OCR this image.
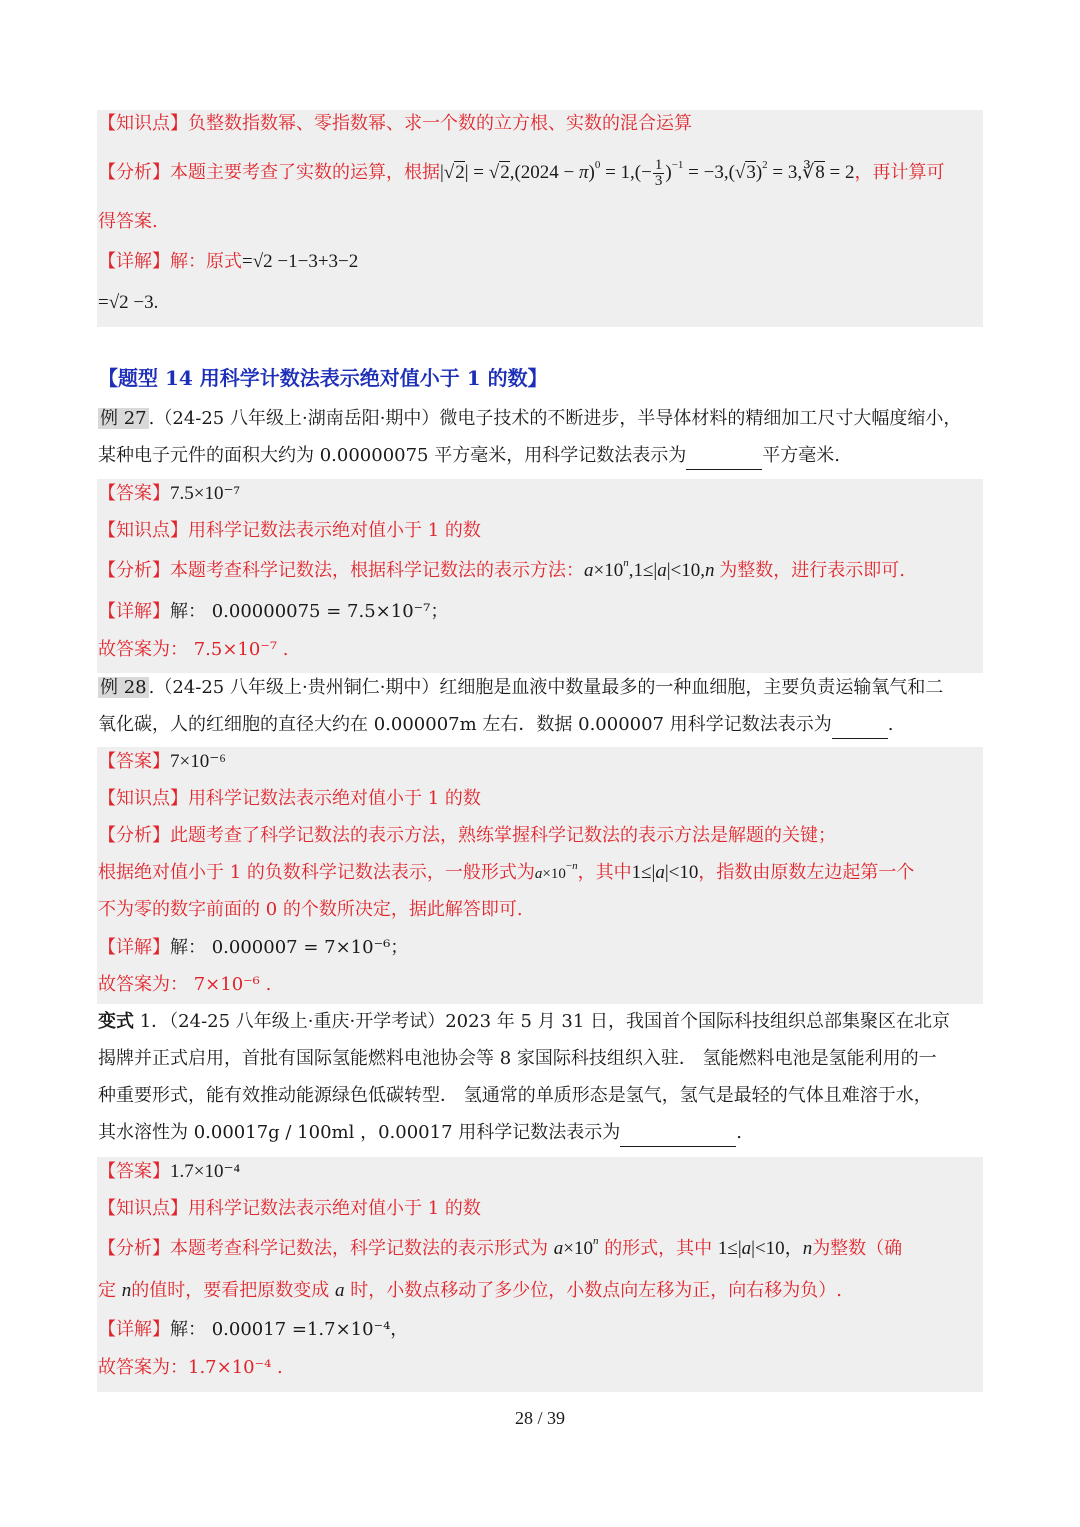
【知识点】负整数指数幂、零指数幂、求一个数的立方根、实数的混合运算
【分析】本题主要考查了实数的运算，根据$|√2| = √2,(2024 - \pi)^0 = 1,(- \frac{1}{3} )^{-1} = -3,(√3)^2$ = 3,∛8 = 2，再计算可
得答案.
【详解】解：原式=√2 −1−3+3−2
=√2 −3.
【题型 14 用科学计数法表示绝对值小于 1 的数】
例 27 .（24-25 八年级上·湖南岳阳·期中）微电子技术的不断进步，半导体材料的精细加工尺寸大幅度缩小，
某种电子元件的面积大约为 0.00000075 平方毫米，用科学记数法表示为	平方毫米.
【答案】7.5×10⁻⁷
【知识点】用科学记数法表示绝对值小于 1 的数
【分析】本题考查科学记数法，根据科学记数法的表示方法：$a\times 10^n,1\le|a|<10,n$ 为整数，进行表示即可.
【详解】解： 0.00000075 = 7.5×10⁻⁷；
故答案为： 7.5×10⁻⁷ .
例 28 .（24-25 八年级上·贵州铜仁·期中）红细胞是血液中数量最多的一种血细胞，主要负责运输氧气和二
氧化碳，人的红细胞的直径大约在 0.000007m 左右．数据 0.000007 用科学记数法表示为	.
【答案】7×10⁻⁶
【知识点】用科学记数法表示绝对值小于 1 的数
【分析】此题考查了科学记数法的表示方法，熟练掌握科学记数法的表示方法是解题的关键；
根据绝对值小于 1 的负数科学记数法表示，一般形式为$a\times 10^{-n}$，其中1≤|a|<10，指数由原数左边起第一个
不为零的数字前面的 0 的个数所决定，据此解答即可.
【详解】解： 0.000007 = 7×10⁻⁶；
故答案为： 7×10⁻⁶ .
变式 1．（24-25 八年级上·重庆·开学考试）2023 年 5 月 31 日，我国首个国际科技组织总部集聚区在北京
揭牌并正式启用，首批有国际氢能燃料电池协会等 8 家国际科技组织入驻． 氢能燃料电池是氢能利用的一
种重要形式，能有效推动能源绿色低碳转型． 氢通常的单质形态是氢气，氢气是最轻的气体且难溶于水，
其水溶性为 0.00017g / 100ml ，0.00017 用科学记数法表示为	.
【答案】1.7×10⁻⁴
【知识点】用科学记数法表示绝对值小于 1 的数
【分析】本题考查科学记数法，科学记数法的表示形式为 $a\times 10^n$ 的形式，其中 1≤|a|<10，n为整数（确
定 n的值时，要看把原数变成 a 时，小数点移动了多少位，小数点向左移为正，向右移为负）.
【详解】解： 0.00017 =1.7×10⁻⁴，
故答案为：1.7×10⁻⁴ .
28 / 39
